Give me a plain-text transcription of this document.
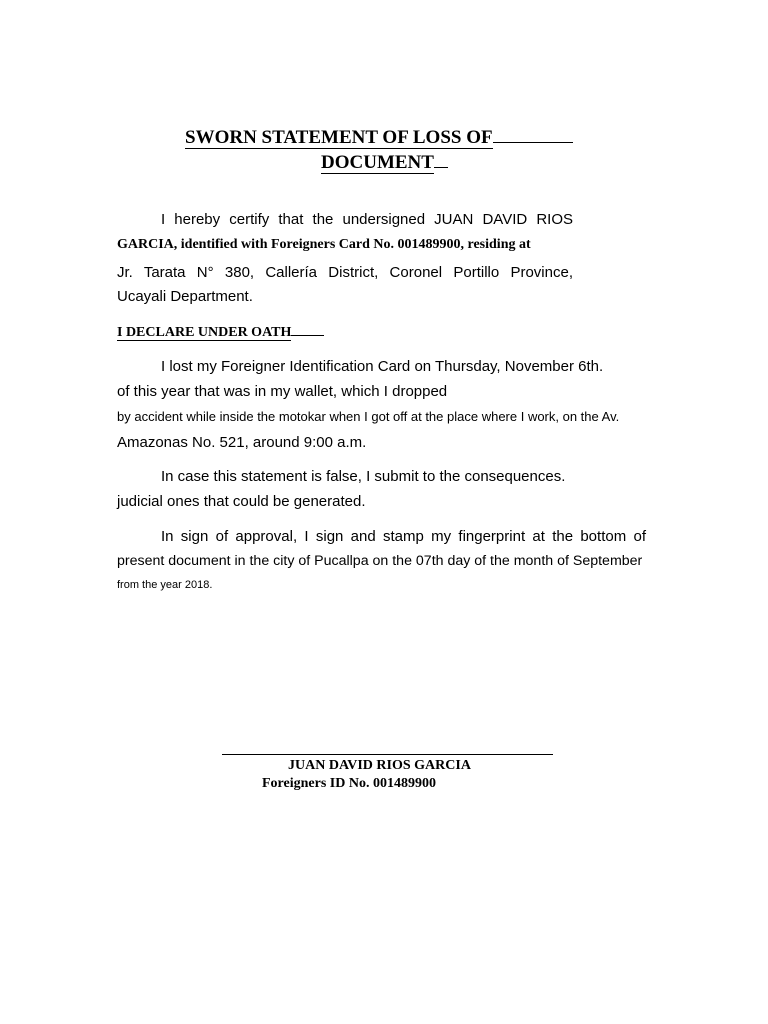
SWORN STATEMENT OF LOSS OF
DOCUMENT
I hereby certify that the undersigned JUAN DAVID RIOS
GARCIA, identified with Foreigners Card No. 001489900, residing at
Jr. Tarata N° 380, Callería District, Coronel Portillo Province,
Ucayali Department.
I DECLARE UNDER OATH
I lost my Foreigner Identification Card on Thursday, November 6th.
of this year that was in my wallet, which I dropped
by accident while inside the motokar when I got off at the place where I work, on the Av.
Amazonas No. 521, around 9:00 a.m.
In case this statement is false, I submit to the consequences.
judicial ones that could be generated.
In sign of approval, I sign and stamp my fingerprint at the bottom of
present document in the city of Pucallpa on the 07th day of the month of September
from the year 2018.
JUAN DAVID RIOS GARCIA
Foreigners ID No. 001489900
